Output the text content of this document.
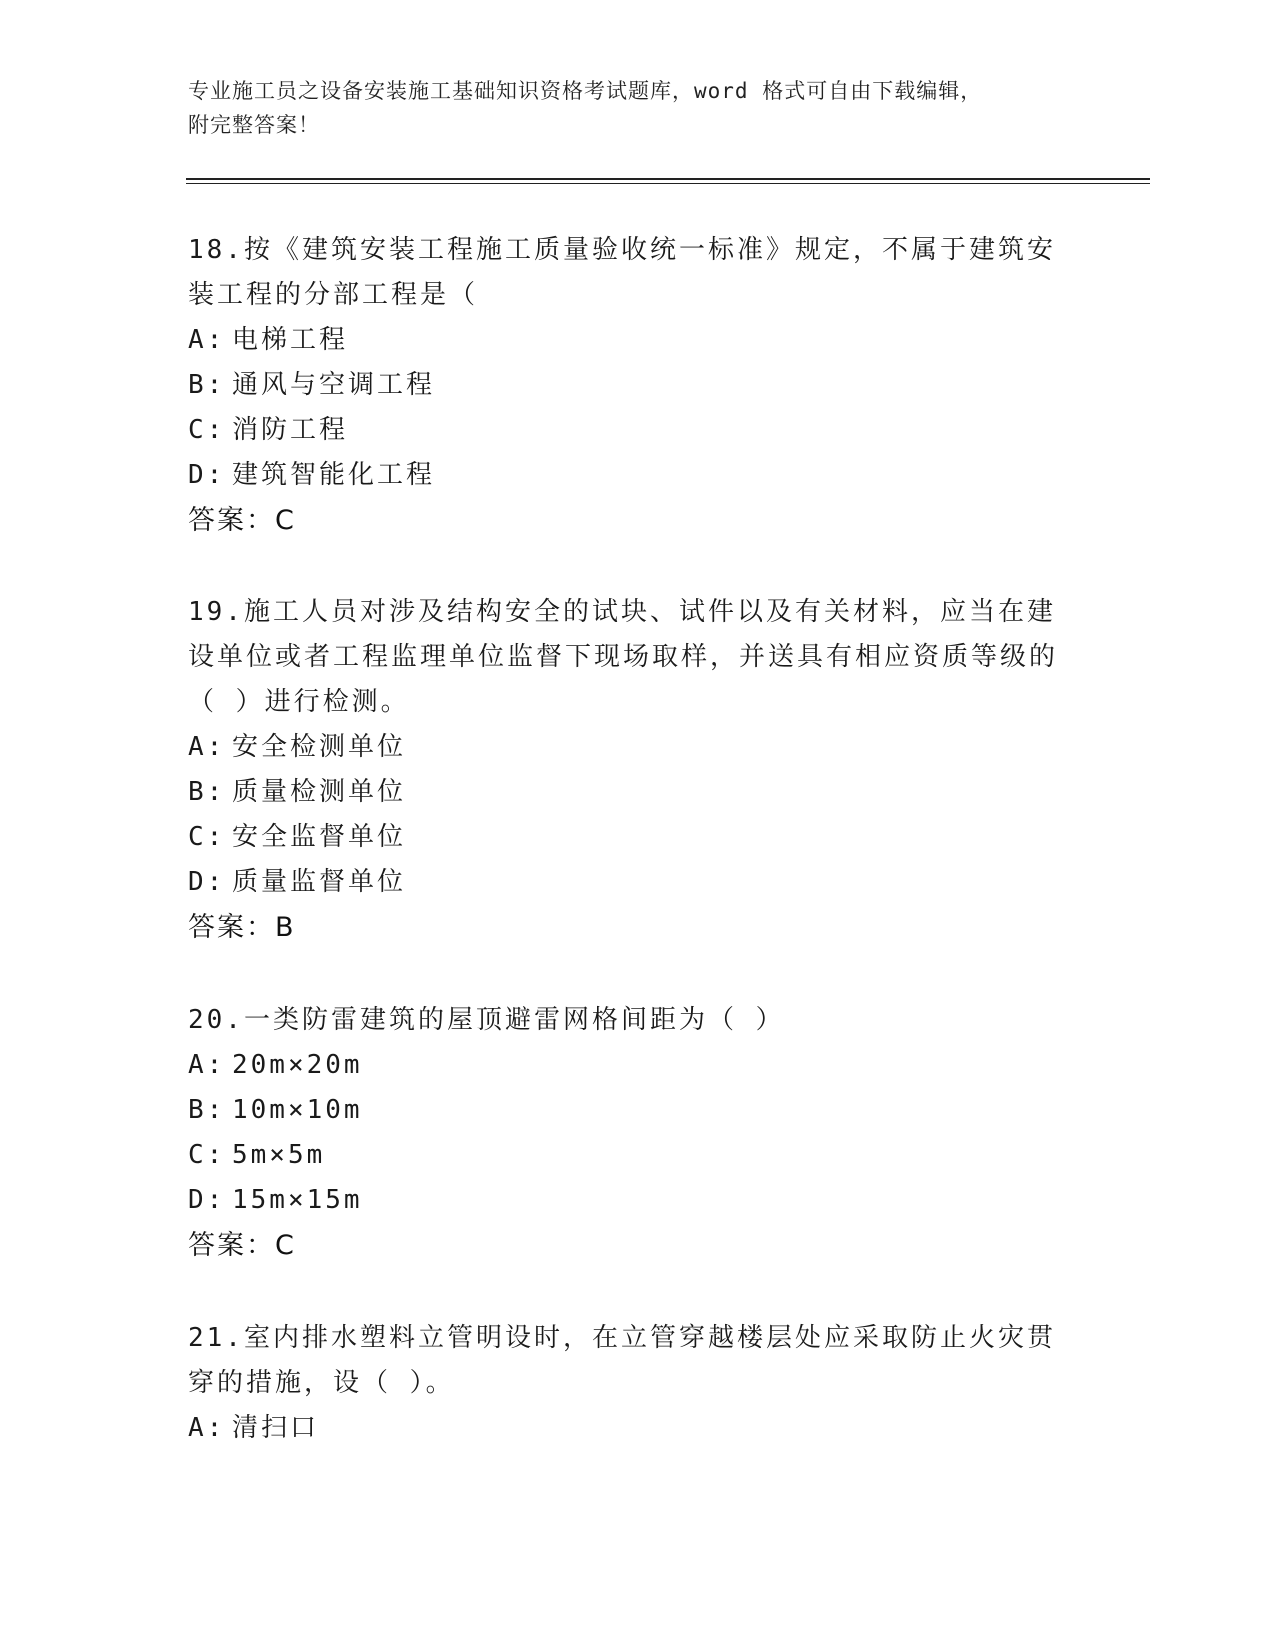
专业施工员之设备安装施工基础知识资格考试题库，word 格式可自由下载编辑，

附完整答案！

18.按《建筑安装工程施工质量验收统一标准》规定，不属于建筑安装工程的分部工程是（

A: 电梯工程

B: 通风与空调工程

C: 消防工程

D: 建筑智能化工程

答案：C

19.施工人员对涉及结构安全的试块、试件以及有关材料，应当在建设单位或者工程监理单位监督下现场取样，并送具有相应资质等级的（ ）进行检测。

A: 安全检测单位

B: 质量检测单位

C: 安全监督单位

D: 质量监督单位

答案：B

20.一类防雷建筑的屋顶避雷网格间距为（ ）

A: 20m×20m

B: 10m×10m

C: 5m×5m

D: 15m×15m

答案：C

21.室内排水塑料立管明设时，在立管穿越楼层处应采取防止火灾贯穿的措施，设（ ）。

A: 清扫口
